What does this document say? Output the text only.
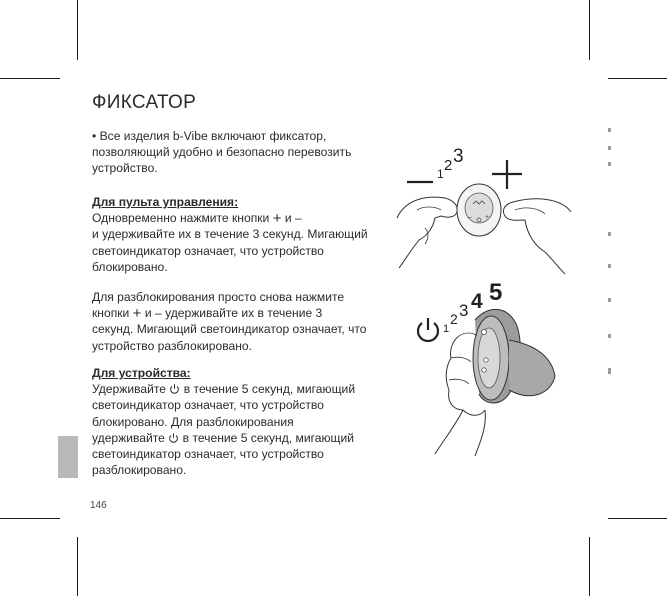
ФИКСАТОР
• Все изделия b-Vibe включают фиксатор, позволяющий удобно и безопасно перевозить устройство.
Для пульта управления:
Одновременно нажмите кнопки + и –
и удерживайте их в течение 3 секунд. Мигающий светоиндикатор означает, что устройство блокировано.
Для разблокирования просто снова нажмите
кнопки + и – удерживайте их в течение 3
секунд. Мигающий светоиндикатор означает, что устройство разблокировано.
Для устройства:
Удерживайте в течение 5 секунд, мигающий
светоиндикатор означает, что устройство блокировано. Для разблокирования
удерживайте в течение 5 секунд, мигающий
светоиндикатор означает, что устройство разблокировано.
146
1 2 3
– +
1
2 3 4 5
